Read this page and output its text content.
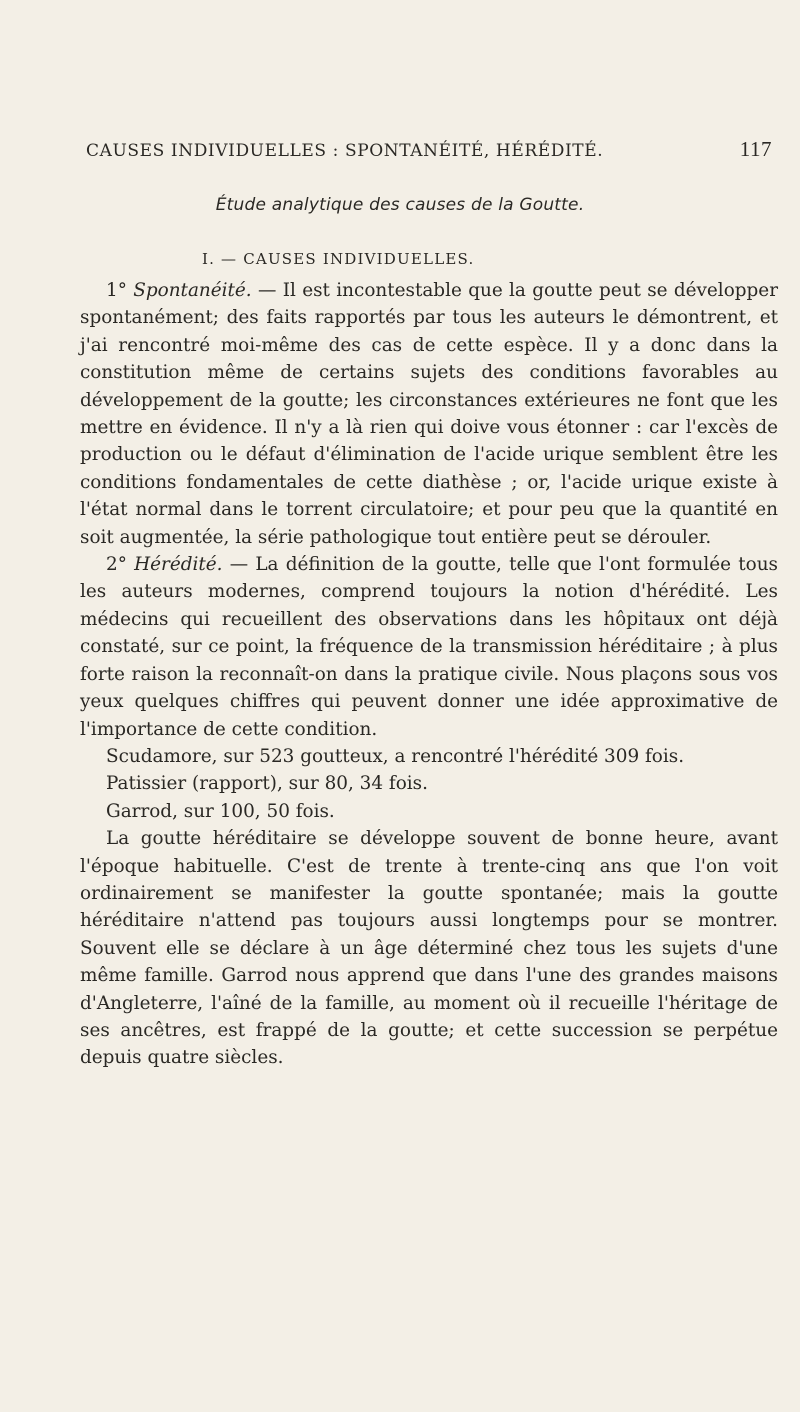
CAUSES INDIVIDUELLES : SPONTANÉITÉ, HÉRÉDITÉ.	117
Étude analytique des causes de la Goutte.
I. — CAUSES INDIVIDUELLES.

1° Spontanéité. — Il est incontestable que la goutte peut se développer spontanément; des faits rapportés par tous les auteurs le démontrent, et j'ai rencontré moi-même des cas de cette espèce. Il y a donc dans la constitution même de certains sujets des conditions favorables au développement de la goutte; les circonstances extérieures ne font que les mettre en évidence. Il n'y a là rien qui doive vous étonner : car l'excès de production ou le défaut d'élimination de l'acide urique semblent être les conditions fondamentales de cette diathèse ; or, l'acide urique existe à l'état normal dans le torrent circulatoire; et pour peu que la quantité en soit augmentée, la série pathologique tout entière peut se dérouler.

2° Hérédité. — La définition de la goutte, telle que l'ont formulée tous les auteurs modernes, comprend toujours la notion d'hérédité. Les médecins qui recueillent des observations dans les hôpitaux ont déjà constaté, sur ce point, la fréquence de la transmission héréditaire ; à plus forte raison la reconnaît-on dans la pratique civile. Nous plaçons sous vos yeux quelques chiffres qui peuvent donner une idée approximative de l'importance de cette condition.

Scudamore, sur 523 goutteux, a rencontré l'hérédité 309 fois.

Patissier (rapport), sur 80, 34 fois.

Garrod, sur 100, 50 fois.

La goutte héréditaire se développe souvent de bonne heure, avant l'époque habituelle. C'est de trente à trente-cinq ans que l'on voit ordinairement se manifester la goutte spontanée; mais la goutte héréditaire n'attend pas toujours aussi longtemps pour se montrer. Souvent elle se déclare à un âge déterminé chez tous les sujets d'une même famille. Garrod nous apprend que dans l'une des grandes maisons d'Angleterre, l'aîné de la famille, au moment où il recueille l'héritage de ses ancêtres, est frappé de la goutte; et cette succession se perpétue depuis quatre siècles.
